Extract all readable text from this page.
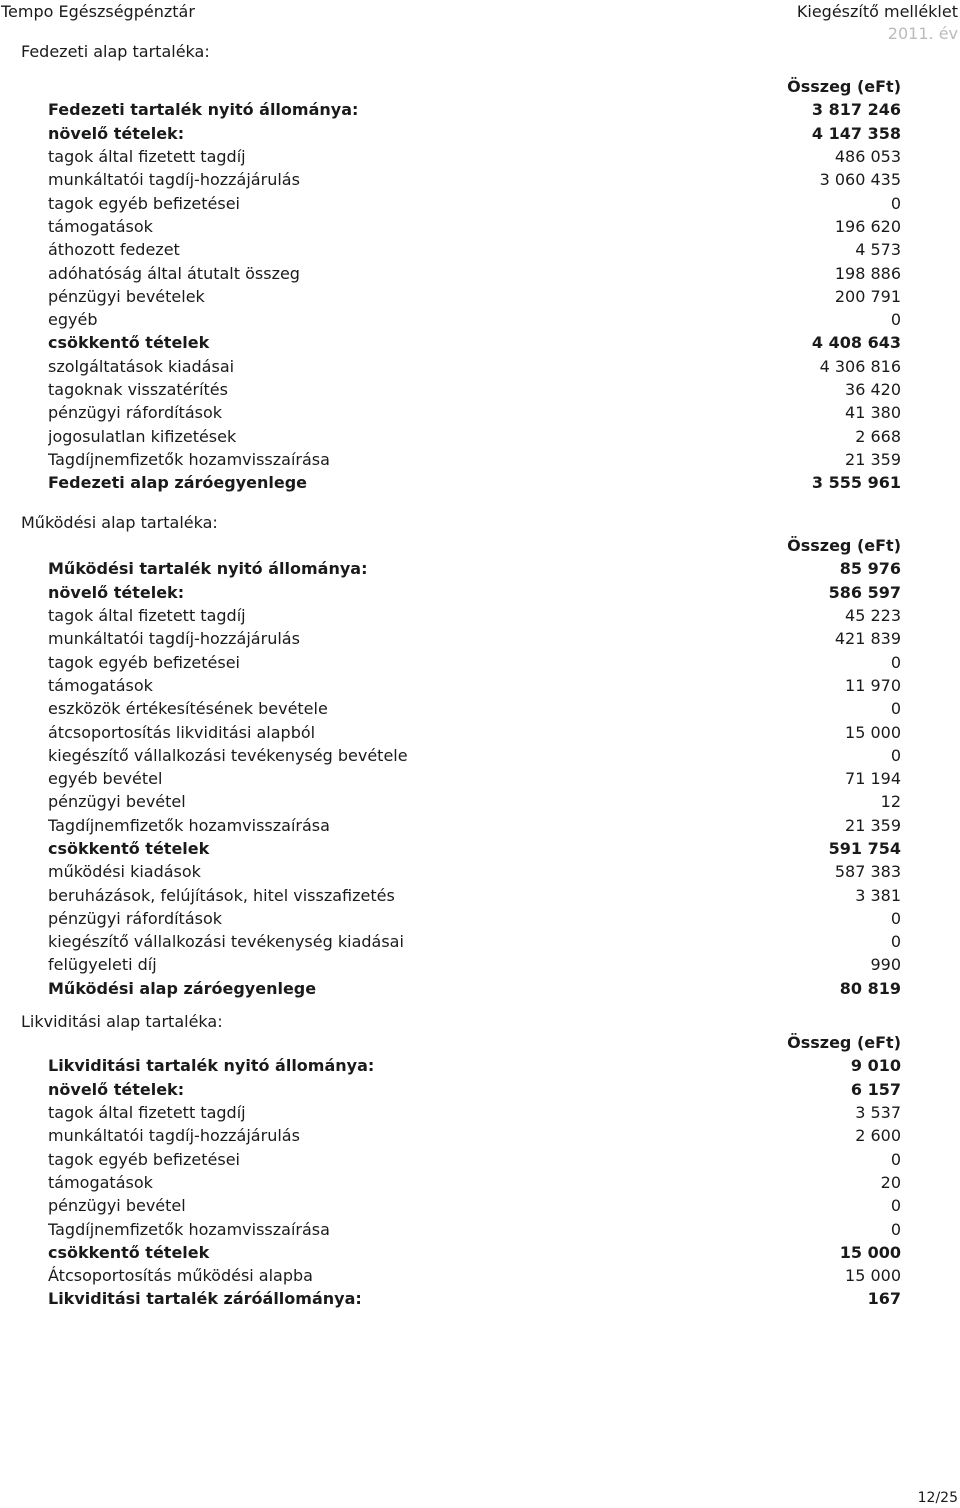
Tempo Egészségpénztár	Kiegészítő melléklet
2011. év
Fedezeti alap tartaléka:
Összeg (eFt)
Fedezeti tartalék nyitó állománya:	3 817 246
növelő tételek:	4 147 358
tagok által fizetett tagdíj	486 053
munkáltatói tagdíj-hozzájárulás	3 060 435
tagok egyéb befizetései	0
támogatások	196 620
áthozott fedezet	4 573
adóhatóság által átutalt összeg	198 886
pénzügyi bevételek	200 791
egyéb	0
csökkentő tételek	4 408 643
szolgáltatások kiadásai	4 306 816
tagoknak visszatérítés	36 420
pénzügyi ráfordítások	41 380
jogosulatlan kifizetések	2 668
Tagdíjnemfizetők hozamvisszaírása	21 359
Fedezeti alap záróegyenlege	3 555 961
Működési alap tartaléka:
Összeg (eFt)
Működési tartalék nyitó állománya:	85 976
növelő tételek:	586 597
tagok által fizetett tagdíj	45 223
munkáltatói tagdíj-hozzájárulás	421 839
tagok egyéb befizetései	0
támogatások	11 970
eszközök értékesítésének bevétele	0
átcsoportosítás likviditási alapból	15 000
kiegészítő vállalkozási tevékenység bevétele	0
egyéb bevétel	71 194
pénzügyi bevétel	12
Tagdíjnemfizetők hozamvisszaírása	21 359
csökkentő tételek	591 754
működési kiadások	587 383
beruházások, felújítások, hitel visszafizetés	3 381
pénzügyi ráfordítások	0
kiegészítő vállalkozási tevékenység kiadásai	0
felügyeleti díj	990
Működési alap záróegyenlege	80 819
Likviditási alap tartaléka:
Összeg (eFt)
Likviditási tartalék nyitó állománya:	9 010
növelő tételek:	6 157
tagok által fizetett tagdíj	3 537
munkáltatói tagdíj-hozzájárulás	2 600
tagok egyéb befizetései	0
támogatások	20
pénzügyi bevétel	0
Tagdíjnemfizetők hozamvisszaírása	0
csökkentő tételek	15 000
Átcsoportosítás működési alapba	15 000
Likviditási tartalék záróállománya:	167
12/25
